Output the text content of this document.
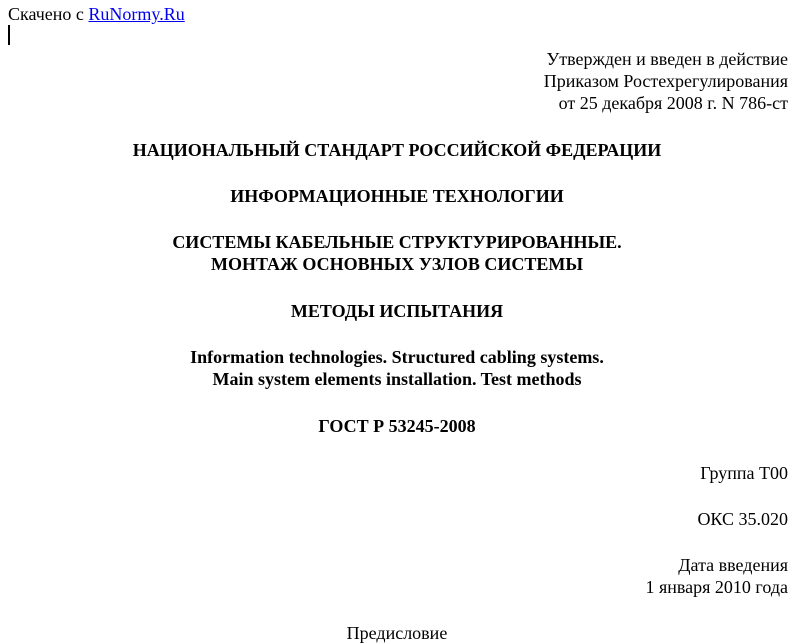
Скачено с RuNormy.Ru
Утвержден и введен в действие
Приказом Ростехрегулирования
от 25 декабря 2008 г. N 786-ст
НАЦИОНАЛЬНЫЙ СТАНДАРТ РОССИЙСКОЙ ФЕДЕРАЦИИ
ИНФОРМАЦИОННЫЕ ТЕХНОЛОГИИ
СИСТЕМЫ КАБЕЛЬНЫЕ СТРУКТУРИРОВАННЫЕ.
МОНТАЖ ОСНОВНЫХ УЗЛОВ СИСТЕМЫ
МЕТОДЫ ИСПЫТАНИЯ
Information technologies. Structured cabling systems.
Main system elements installation. Test methods
ГОСТ Р 53245-2008
Группа Т00
ОКС 35.020
Дата введения
1 января 2010 года
Предисловие
